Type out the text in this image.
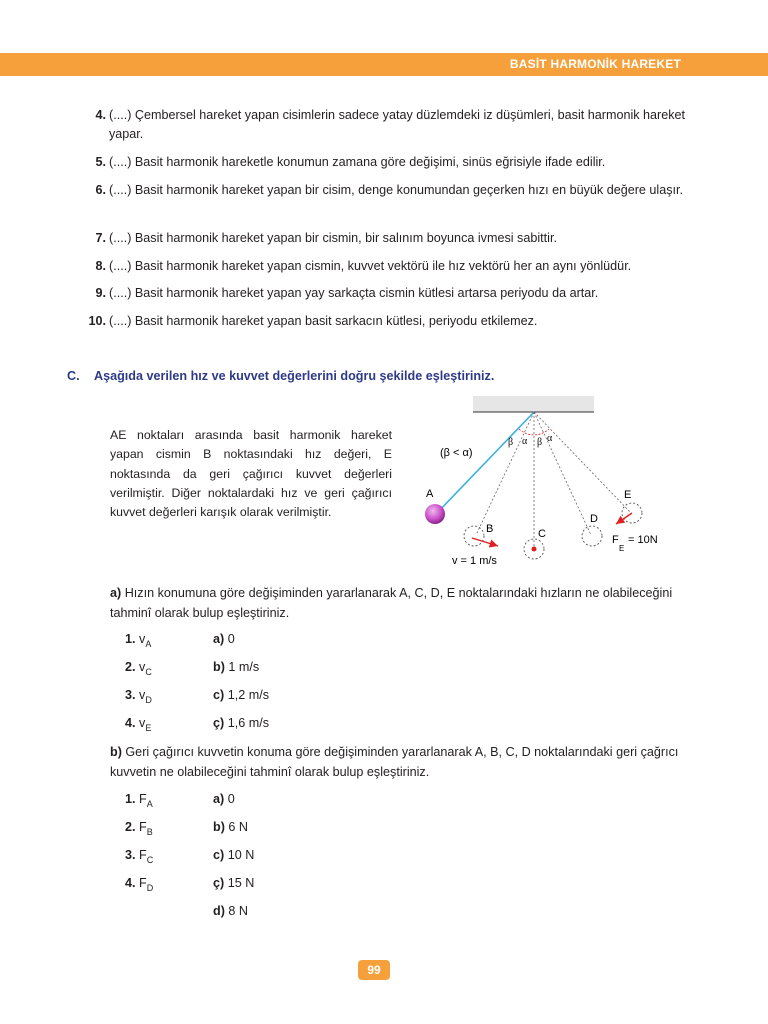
BASİT HARMONİK HAREKET
4. (....) Çembersel hareket yapan cisimlerin sadece yatay düzlemdeki iz düşümleri, basit harmonik hareket yapar.
5. (....) Basit harmonik hareketle konumun zamana göre değişimi, sinüs eğrisiyle ifade edilir.
6. (....) Basit harmonik hareket yapan bir cisim, denge konumundan geçerken hızı en büyük değere ulaşır.
7. (....) Basit harmonik hareket yapan bir cismin, bir salınım boyunca ivmesi sabittir.
8. (....) Basit harmonik hareket yapan cismin, kuvvet vektörü ile hız vektörü her an aynı yönlüdür.
9. (....) Basit harmonik hareket yapan yay sarkaçta cismin kütlesi artarsa periyodu da artar.
10. (....) Basit harmonik hareket yapan basit sarkacın kütlesi, periyodu etkilemez.
C. Aşağıda verilen hız ve kuvvet değerlerini doğru şekilde eşleştiriniz.
AE noktaları arasında basit harmonik hareket yapan cismin B noktasındaki hız değeri, E noktasında da geri çağırıcı kuvvet değerleri verilmiştir. Diğer noktalardaki hız ve geri çağırıcı kuvvet değerleri karışık olarak verilmiştir.
(β < α)
β α β α
A
B	C
D
E
v = 1 m/s
F
E
= 10N
a) Hızın konumuna göre değişiminden yararlanarak A, C, D, E noktalarındaki hızların ne olabileceğini tahminî olarak bulup eşleştiriniz.
1. $v_A$	a) 0
2. $v_C$	b) 1 m/s
3. $v_D$	c) 1,2 m/s
4. $v_E$	ç) 1,6 m/s
b) Geri çağırıcı kuvvetin konuma göre değişiminden yararlanarak A, B, C, D noktalarındaki geri çağrıcı kuvvetin ne olabileceğini tahminî olarak bulup eşleştiriniz.
1. $F_A$	a) 0
2. $F_B$	b) 6 N
3. $F_C$	c) 10 N
4. $F_D$	ç) 15 N
d) 8 N
99
